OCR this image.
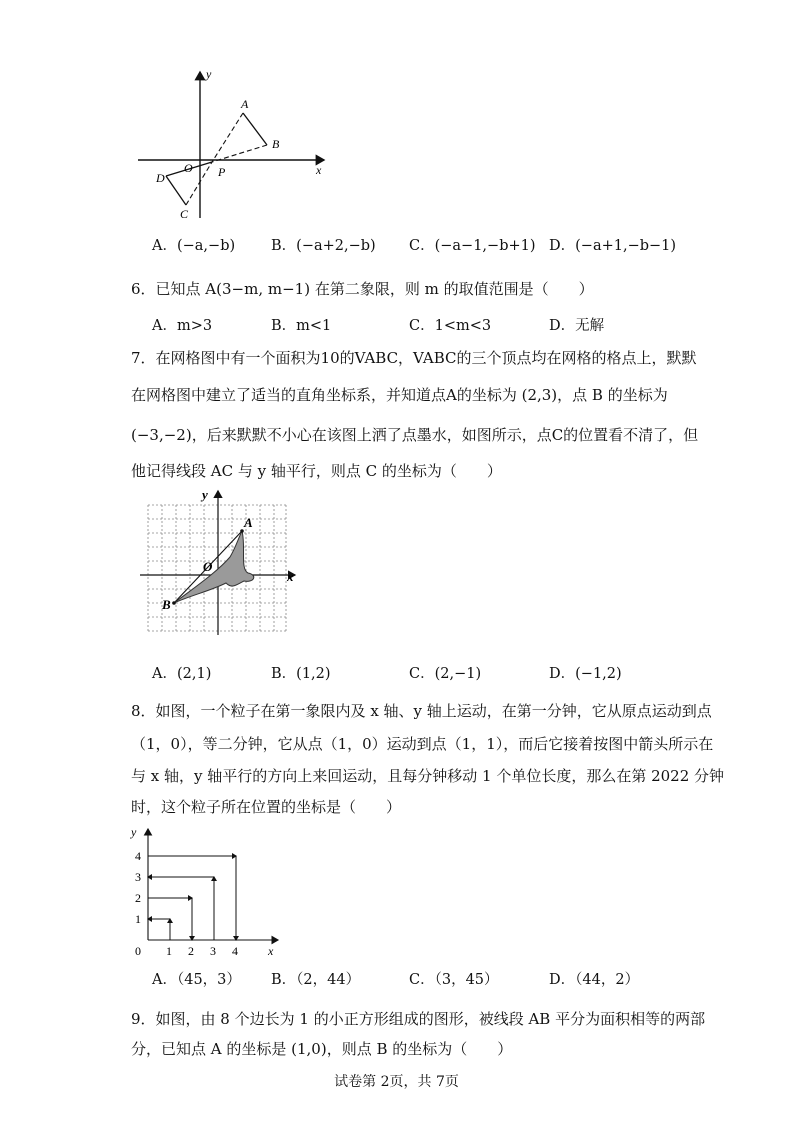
y
x
A
B
O P
D
C
A．(−a,−b) B．(−a+2,−b) C．(−a−1,−b+1) D．(−a+1,−b−1)
6．已知点 A(3−m, m−1) 在第二象限，则 m 的取值范围是（　　）
A．m>3	B．m<1	C．1<m<3	D．无解
7．在网格图中有一个面积为10的VABC，VABC的三个顶点均在网格的格点上，默默
在网格图中建立了适当的直角坐标系，并知道点A的坐标为 (2,3)，点 B 的坐标为
(−3,−2)，后来默默不小心在该图上洒了点墨水，如图所示，点C的位置看不清了，但
他记得线段 AC 与 y 轴平行，则点 C 的坐标为（　　）
y
x
A
O
B
A．(2,1)	B．(1,2)	C．(2,−1)	D．(−1,2)
8．如图，一个粒子在第一象限内及 x 轴、y 轴上运动，在第一分钟，它从原点运动到点
（1，0），等二分钟，它从点（1，0）运动到点（1，1），而后它接着按图中箭头所示在
与 x 轴，y 轴平行的方向上来回运动，且每分钟移动 1 个单位长度，那么在第 2022 分钟
时，这个粒子所在位置的坐标是（　　）
y
x
0 1 2 3 4
1
2
3
4
A．（45，3） B．（2，44）	C．（3，45）	D．（44，2）
9．如图，由 8 个边长为 1 的小正方形组成的图形，被线段 AB 平分为面积相等的两部
分，已知点 A 的坐标是 (1,0)，则点 B 的坐标为（　　）
试卷第 2页，共 7页
